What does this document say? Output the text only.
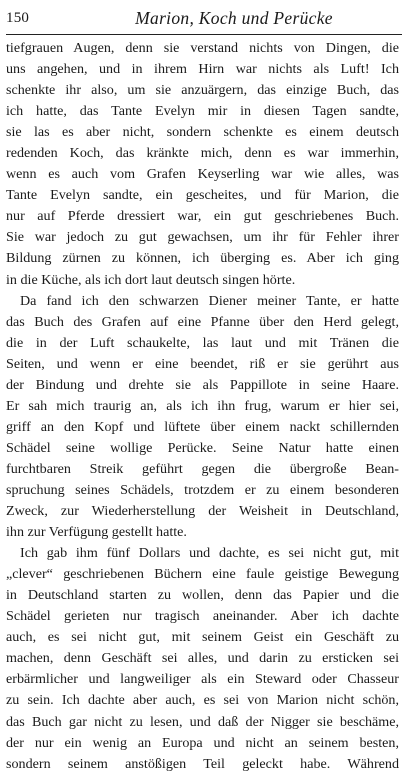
150	Marion, Koch und Perücke
tiefgrauen Augen, denn sie verstand nichts von Dingen, die
uns angehen, und in ihrem Hirn war nichts als Luft! Ich
schenkte ihr also, um sie anzuärgern, das einzige Buch, das
ich hatte, das Tante Evelyn mir in diesen Tagen sandte,
sie las es aber nicht, sondern schenkte es einem deutsch
redenden Koch, das kränkte mich, denn es war immerhin,
wenn es auch vom Grafen Keyserling war wie alles, was
Tante Evelyn sandte, ein gescheites, und für Marion, die
nur auf Pferde dressiert war, ein gut geschriebenes Buch.
Sie war jedoch zu gut gewachsen, um ihr für Fehler ihrer
Bildung zürnen zu können, ich überging es. Aber ich ging
in die Küche, als ich dort laut deutsch singen hörte.
Da fand ich den schwarzen Diener meiner Tante, er hatte
das Buch des Grafen auf eine Pfanne über den Herd gelegt,
die in der Luft schaukelte, las laut und mit Tränen die
Seiten, und wenn er eine beendet, riß er sie gerührt aus
der Bindung und drehte sie als Pappillote in seine Haare.
Er sah mich traurig an, als ich ihn frug, warum er hier sei,
griff an den Kopf und lüftete über einem nackt schillernden
Schädel seine wollige Perücke. Seine Natur hatte einen
furchtbaren Streik geführt gegen die übergroße Bean-
spruchung seines Schädels, trotzdem er zu einem besonderen
Zweck, zur Wiederherstellung der Weisheit in Deutschland,
ihn zur Verfügung gestellt hatte.
Ich gab ihm fünf Dollars und dachte, es sei nicht gut, mit
„clever“ geschriebenen Büchern eine faule geistige Bewegung
in Deutschland starten zu wollen, denn das Papier und die
Schädel gerieten nur tragisch aneinander. Aber ich dachte
auch, es sei nicht gut, mit seinem Geist ein Geschäft zu
machen, denn Geschäft sei alles, und darin zu ersticken sei
erbärmlicher und langweiliger als ein Steward oder Chasseur
zu sein. Ich dachte aber auch, es sei von Marion nicht schön,
das Buch gar nicht zu lesen, und daß der Nigger sie beschäme,
der nur ein wenig an Europa und nicht an seinem besten,
sondern seinem anstößigen Teil geleckt habe. Während
